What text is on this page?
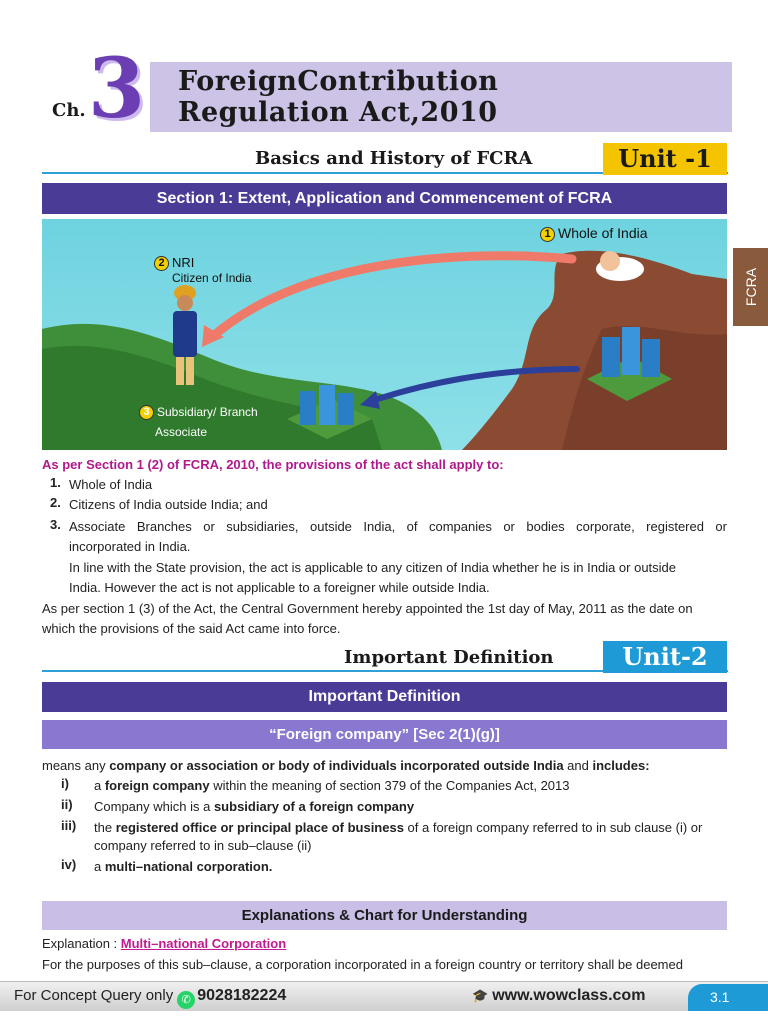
3
Ch.
ForeignContribution
Regulation Act,2010
Basics and History of FCRA	Unit -1
Section 1: Extent, Application and Commencement of FCRA
1 Whole of India
2 NRI
Citizen of India
3 Subsidiary/ Branch
Associate
FCRA
As per Section 1 (2) of FCRA, 2010, the provisions of the act shall apply to:
1. Whole of India
2. Citizens of India outside India; and
3. Associate Branches or subsidiaries, outside India, of companies or bodies corporate, registered or
incorporated in India.
In line with the State provision, the act is applicable to any citizen of India whether he is in India or outside
India. However the act is not applicable to a foreigner while outside India.
As per section 1 (3) of the Act, the Central Government hereby appointed the 1st day of May, 2011 as the date on
which the provisions of the said Act came into force.
Important Definition	Unit-2
Important Definition
“Foreign company” [Sec 2(1)(g)]
means any company or association or body of individuals incorporated outside India and includes:
i) a foreign company within the meaning of section 379 of the Companies Act, 2013
ii) Company which is a subsidiary of a foreign company
iii) the registered office or principal place of business of a foreign company referred to in sub clause (i) or
company referred to in sub–clause (ii)
iv) a multi–national corporation.
Explanations & Chart for Understanding
Explanation : Multi–national Corporation
For the purposes of this sub–clause, a corporation incorporated in a foreign country or territory shall be deemed
For Concept Query only ✆ 9028182224	🎓 www.wowclass.com	3.1
